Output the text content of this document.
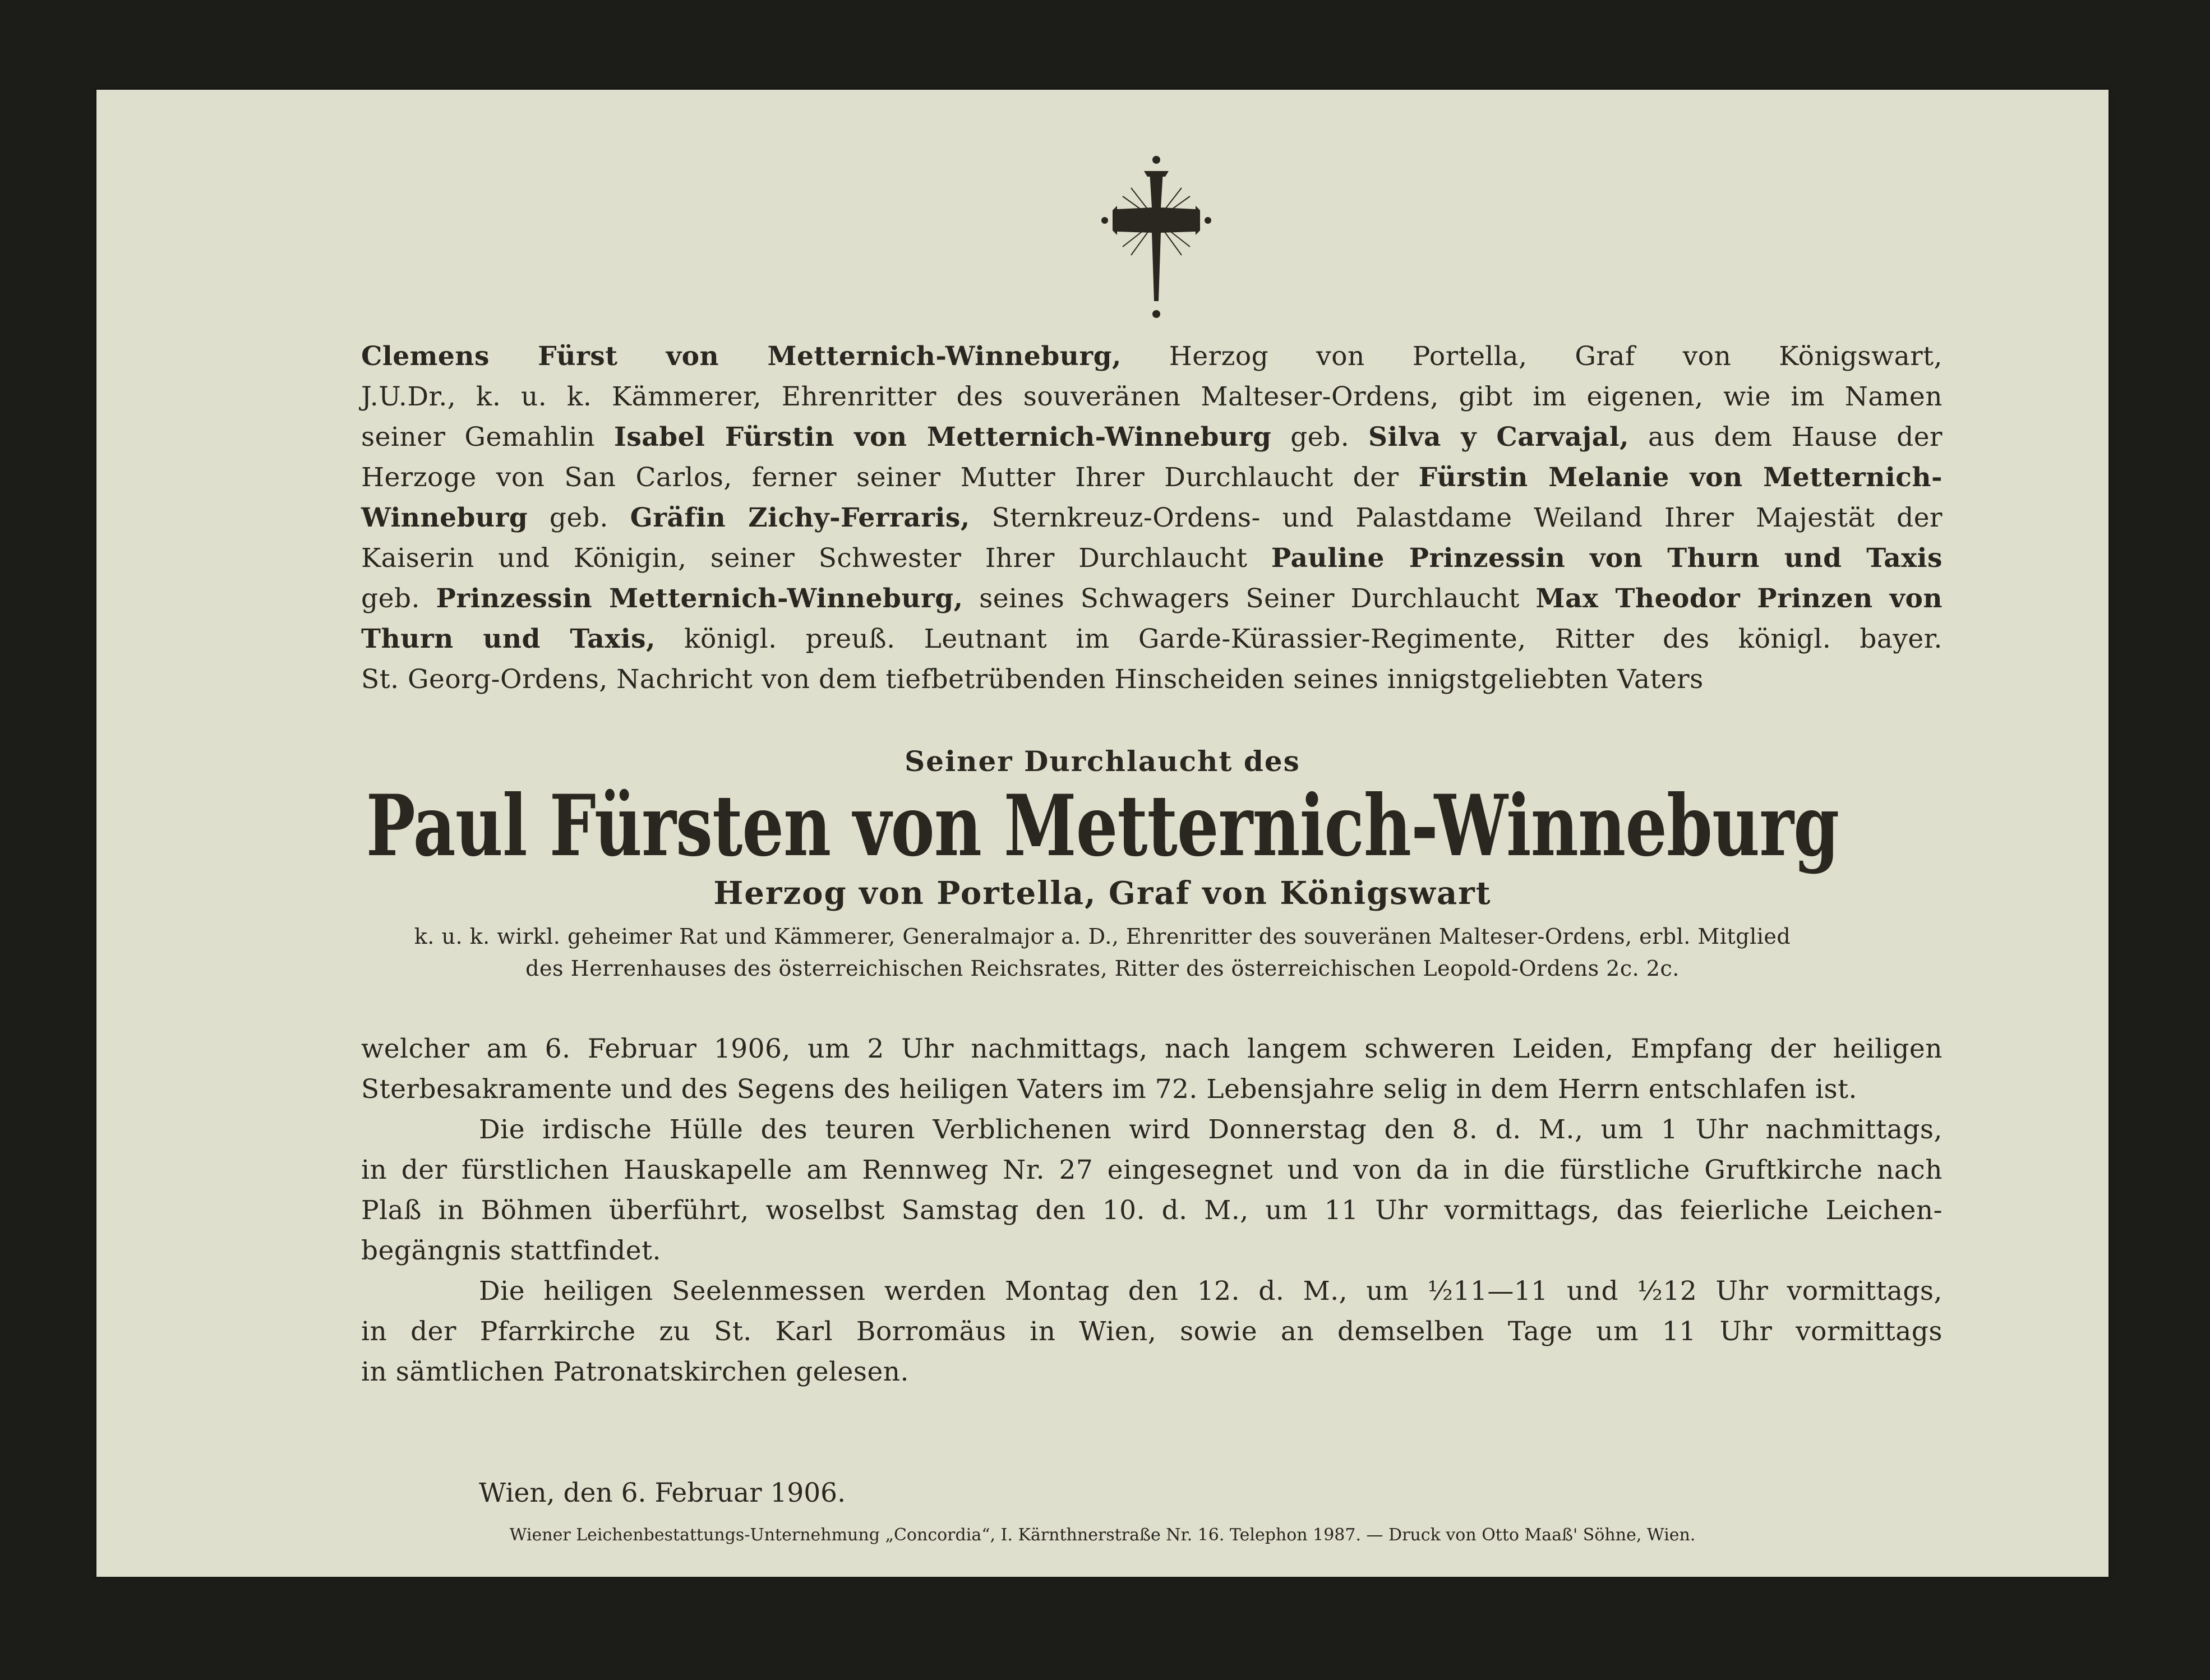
Clemens Fürst von Metternich-Winneburg, Herzog von Portella, Graf von Königswart,
J.U.Dr., k. u. k. Kämmerer, Ehrenritter des souveränen Malteser-Ordens, gibt im eigenen, wie im Namen
seiner Gemahlin Isabel Fürstin von Metternich-Winneburg geb. Silva y Carvajal, aus dem Hause der
Herzoge von San Carlos, ferner seiner Mutter Ihrer Durchlaucht der Fürstin Melanie von Metternich-
Winneburg geb. Gräfin Zichy-Ferraris, Sternkreuz-Ordens- und Palastdame Weiland Ihrer Majestät der
Kaiserin und Königin, seiner Schwester Ihrer Durchlaucht Pauline Prinzessin von Thurn und Taxis
geb. Prinzessin Metternich-Winneburg, seines Schwagers Seiner Durchlaucht Max Theodor Prinzen von
Thurn und Taxis, königl. preuß. Leutnant im Garde-Kürassier-Regimente, Ritter des königl. bayer.
St. Georg-Ordens, Nachricht von dem tiefbetrübenden Hinscheiden seines innigstgeliebten Vaters
Seiner Durchlaucht des
Paul Fürsten von Metternich-Winneburg
Herzog von Portella, Graf von Königswart
k. u. k. wirkl. geheimer Rat und Kämmerer, Generalmajor a. D., Ehrenritter des souveränen Malteser-Ordens, erbl. Mitglied
des Herrenhauses des österreichischen Reichsrates, Ritter des österreichischen Leopold-Ordens 2c. 2c.
welcher am 6. Februar 1906, um 2 Uhr nachmittags, nach langem schweren Leiden, Empfang der heiligen
Sterbesakramente und des Segens des heiligen Vaters im 72. Lebensjahre selig in dem Herrn entschlafen ist.
Die irdische Hülle des teuren Verblichenen wird Donnerstag den 8. d. M., um 1 Uhr nachmittags,
in der fürstlichen Hauskapelle am Rennweg Nr. 27 eingesegnet und von da in die fürstliche Gruftkirche nach
Plaß in Böhmen überführt, woselbst Samstag den 10. d. M., um 11 Uhr vormittags, das feierliche Leichen-
begängnis stattfindet.
Die heiligen Seelenmessen werden Montag den 12. d. M., um ½11—11 und ½12 Uhr vormittags,
in der Pfarrkirche zu St. Karl Borromäus in Wien, sowie an demselben Tage um 11 Uhr vormittags
in sämtlichen Patronatskirchen gelesen.
Wien, den 6. Februar 1906.
Wiener Leichenbestattungs-Unternehmung „Concordia“, I. Kärnthnerstraße Nr. 16. Telephon 1987. — Druck von Otto Maaß' Söhne, Wien.
